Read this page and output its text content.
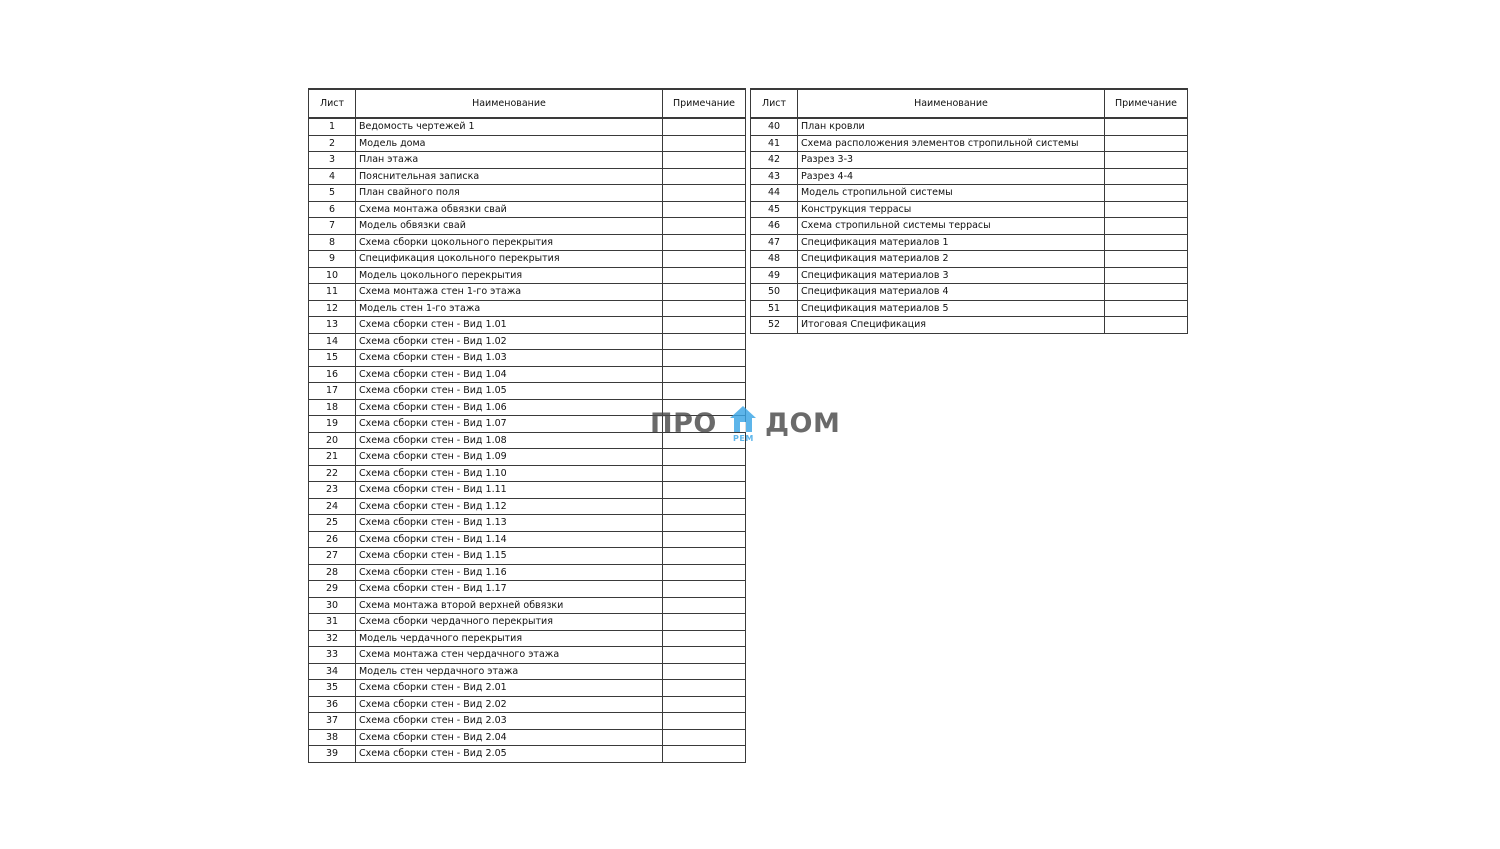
Лист	Наименование	Примечание
1	Ведомость чертежей 1	
2	Модель дома	
3	План этажа	
4	Пояснительная записка	
5	План свайного поля	
6	Схема монтажа обвязки свай	
7	Модель обвязки свай	
8	Схема сборки цокольного перекрытия	
9	Спецификация цокольного перекрытия	
10	Модель цокольного перекрытия	
11	Схема монтажа стен 1-го этажа	
12	Модель стен 1-го этажа	
13	Схема сборки стен - Вид 1.01	
14	Схема сборки стен - Вид 1.02	
15	Схема сборки стен - Вид 1.03	
16	Схема сборки стен - Вид 1.04	
17	Схема сборки стен - Вид 1.05	
18	Схема сборки стен - Вид 1.06	
19	Схема сборки стен - Вид 1.07	
20	Схема сборки стен - Вид 1.08	
21	Схема сборки стен - Вид 1.09	
22	Схема сборки стен - Вид 1.10	
23	Схема сборки стен - Вид 1.11	
24	Схема сборки стен - Вид 1.12	
25	Схема сборки стен - Вид 1.13	
26	Схема сборки стен - Вид 1.14	
27	Схема сборки стен - Вид 1.15	
28	Схема сборки стен - Вид 1.16	
29	Схема сборки стен - Вид 1.17	
30	Схема монтажа второй верхней обвязки	
31	Схема сборки чердачного перекрытия	
32	Модель чердачного перекрытия	
33	Схема монтажа стен чердачного этажа	
34	Модель стен чердачного этажа	
35	Схема сборки стен - Вид 2.01	
36	Схема сборки стен - Вид 2.02	
37	Схема сборки стен - Вид 2.03	
38	Схема сборки стен - Вид 2.04	
39	Схема сборки стен - Вид 2.05	
Лист	Наименование	Примечание
40	План кровли	
41	Схема расположения элементов стропильной системы	
42	Разрез 3-3	
43	Разрез 4-4	
44	Модель стропильной системы	
45	Конструкция террасы	
46	Схема стропильной системы террасы	
47	Спецификация материалов 1	
48	Спецификация материалов 2	
49	Спецификация материалов 3	
50	Спецификация материалов 4	
51	Спецификация материалов 5	
52	Итоговая Спецификация	
ПРО РЕМ ДОМ
